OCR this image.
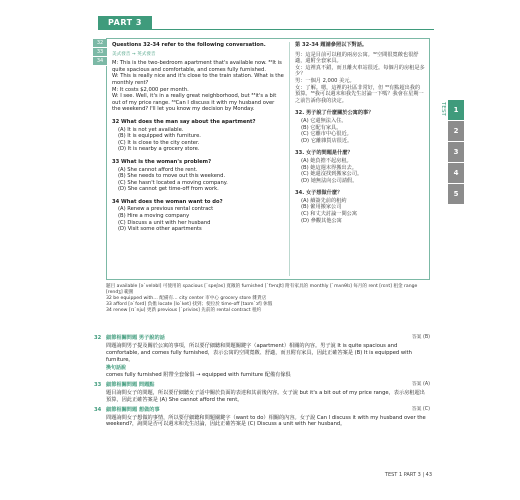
PART 3
32
33
34
Questions 32-34 refer to the following conversation.
美式發音 → 英式發音
M: This is the two-bedroom apartment that's available now. ³²It is quite spacious and comfortable, and comes fully furnished.
W: This is really nice and it's close to the train station. What is the monthly rent?
M: It costs $2,000 per month.
W: I see. Well, it's in a really great neighborhood, but ³³it's a bit out of my price range. ³⁴Can I discuss it with my husband over the weekend? I'll let you know my decision by Monday.
32 What does the man say about the apartment?
(A) It is not yet available.
(B) It is equipped with furniture.
(C) It is close to the city center.
(D) It is nearby a grocery store.
33 What is the woman's problem?
(A) She cannot afford the rent.
(B) She needs to move out this weekend.
(C) She hasn't located a moving company.
(D) She cannot get time-off from work.
34 What does the woman want to do?
(A) Renew a previous rental contract
(B) Hire a moving company
(C) Discuss a unit with her husband
(D) Visit some other apartments
第 32-34 題請參照以下對話。
男：這是目前可以租的兩房公寓。³²空間很寬敞也很舒適，還附全套家具。
女：這裡真不錯，而且離火車站很近。每個月的房租是多少？
男：一個月 2,000 美元。
女：了解。嗯，這裡的社區非常好，但 ³³有點超出我的預算。³⁴我可以週末和我先生討論一下嗎？我會在星期一之前告訴你我的決定。
32. 男子說了什麼關於公寓的事？
(A) 它還無法入住。
(B) 它配有家具。
(C) 它離市中心很近。
(D) 它離雜貨店很近。
33. 女子的問題是什麼？
(A) 她負擔不起房租。
(B) 她這週末得搬出去。
(C) 她還沒找到搬家公司。
(D) 她無法向公司請假。
34. 女子想做什麼？
(A) 續簽先前的租約
(B) 僱用搬家公司
(C) 和丈夫討論一間公寓
(D) 參觀其他公寓
題目 available [əˋveləbl] 可使用的 spacious [ˋspeʃəs] 寬敞的 furnished [ˋfɝnɪʃt] 附有家具的 monthly [ˋmʌnθlɪ] 每月的 rent [rɛnt] 租金 range [rendʒ] 範圍
32 be equipped with… 配備有… city center 市中心 grocery store 雜貨店
33 afford [əˋford] 負擔 locate [loˋket] 找到；使位於 time-off [taɪmˋɔf] 休假
34 renew [rɪˋnju] 更新 previous [ˋpriviəs] 先前的 rental contract 租約
32 細節相關問題 男子說的話	答案 (B)
問題詢問男子提及關於公寓的事項，所以要仔細聽和問題關鍵字（apartment）相關的內容。男子說 It is quite spacious and comfortable, and comes fully furnished，表示公寓的空間寬敞、舒適，而且附有家具，因此正確答案是 (B) It is equipped with furniture。
換句話說
comes fully furnished 附帶全套傢俱 → equipped with furniture 配備有傢俱
33 細節相關問題 問題點	答案 (A)
題目詢問女子的問題，所以要仔細聽女子話中關於負面的表達和其前後內容。女子說 but it's a bit out of my price range，表示房租超出預算，因此正確答案是 (A) She cannot afford the rent。
34 細節相關問題 想做的事	答案 (C)
問題詢問女子想做的事情，所以要仔細聽和問題關鍵字（want to do）相關的內容。女子說 Can I discuss it with my husband over the weekend?，詢問是否可以週末和先生討論，因此正確答案是 (C) Discuss a unit with her husband。
TEST 1 PART 3 | 43
TEST	1
2
3
4
5
